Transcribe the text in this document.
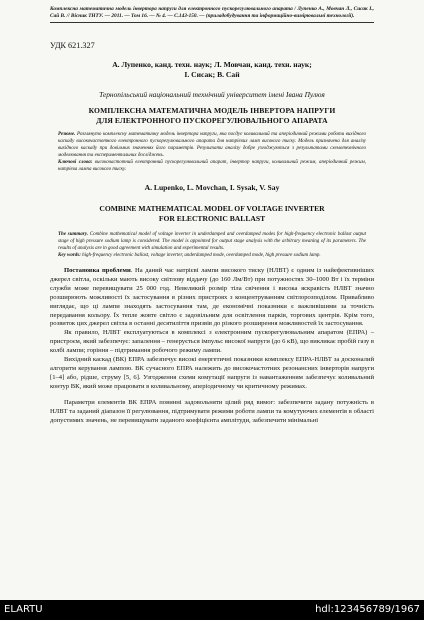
Комплексна математична модель інвертора напруги для електронного пускорегулювального апарата / Лупенко А., Мовчан Л., Сисак І., Сай В. // Вісник ТНТУ. — 2011. — Том 16. — № 4. — С.143-150. — (приладобудування та інформаційно-вимірювальні технології).
УДК 621.327
А. Лупенко, канд. техн. наук; Л. Мовчан, канд. техн. наук;
І. Сисак; В. Сай
Тернопільський національний технічний університет імені Івана Пулюя
КОМПЛЕКСНА МАТЕМАТИЧНА МОДЕЛЬ ІНВЕРТОРА НАПРУГИ
ДЛЯ ЕЛЕКТРОННОГО ПУСКОРЕГУЛЮВАЛЬНОГО АПАРАТА

Резюме. Розглянуто комплексну математичну модель інвертора напруги, яка посдує коливальний та аперіодичний режими роботи вихідного каскаду високочастотного електронного пускорегулювального апарата для натрієвих ламп високого тиску. Модель призначена для аналізу вихідного каскаду при довільних значеннях його параметрів. Результати аналізу добре узгоджуються з результатами схемотехнічного моделювання та експериментальних досліджень.

Ключові слова: високочастотний електронний пускорегулювальний апарат, інвертор напруги, коливальний режим, аперіодичний режим, натрієва лампа високого тиску.

A. Lupenko, L. Movchan, I. Sysak, V. Say
COMBINE MATHEMATICAL MODEL OF VOLTAGE INVERTER
FOR ELECTRONIC BALLAST

The summary. Combine mathematical model of voltage inverter in underdamped and overdamped modes for high-frequency electronic ballast output stage of high pressure sodium lamp is considered. The model is appointed for output stage analysis with the arbitrary meaning of its parameters. The results of analysis are in good agreement with simulation and experimental results.

Key words: high-frequency electronic ballast, voltage inverter, underdamped mode, overdamped mode, high pressure sodium lamp.

Постановка проблеми. На даний час натрієві лампи високого тиску (НЛВТ) є одним із найефективніших джерел світла, оскільки мають високу світлову віддачу (до 160 Лм/Вт) при потужностях 30–1000 Вт і їх терміни служби може перевищувати 25 000 год. Невеликий розмір тіла свічення і висока яскравість НЛВТ значно розширюють можливості їх застосування в різних пристроях з концентруванням світлорозподілом. Привабливо виглядає, що ці лампи знаходять застосування там, де економічні показники є важливішими за точність передавання кольору. Їх тепле жовте світло є задовільним для освітлення парків, торгових центрів. Крім того, розвиток цих джерел світла в останні десятиліття призвів до різкого розширення можливостей їх застосування.

Як правило, НЛВТ експлуатуються в комплексі з електронним пускорегулювальним апаратом (ЕПРА) – пристроєм, який забезпечує: запалення – генерується імпульс високої напруги (до 6 кВ), що викликає пробій газу в колбі лампи; горіння – підтримання робочого режиму лампи.

Вихідний каскад (ВК) ЕПРА забезпечує високі енергетичні показники комплексу ЕПРА-НЛВТ за досконалий алгоритм керування лампою. ВК сучасного ЕПРА належить до високочастотних резонансних інверторів напруги [1–4] або, рідше, струму [5, 6]. Узгодження схеми комутації напруги із навантаженням забезпечує коливальний контур ВК, який може працювати в коливальному, аперіодичному чи критичному режимах.

Параметри елементів ВК ЕПРА повинні задовольняти цілий ряд вимог: забезпечити задану потужність в НЛВТ та заданий діапазон її регулювання, підтримувати режими роботи лампи та комутуючих елементів в області допустимих значень, не перевищувати заданого коефіцієнта амплітуди, забезпечити мінімальні

ELARTU	hdl:123456789/1967
